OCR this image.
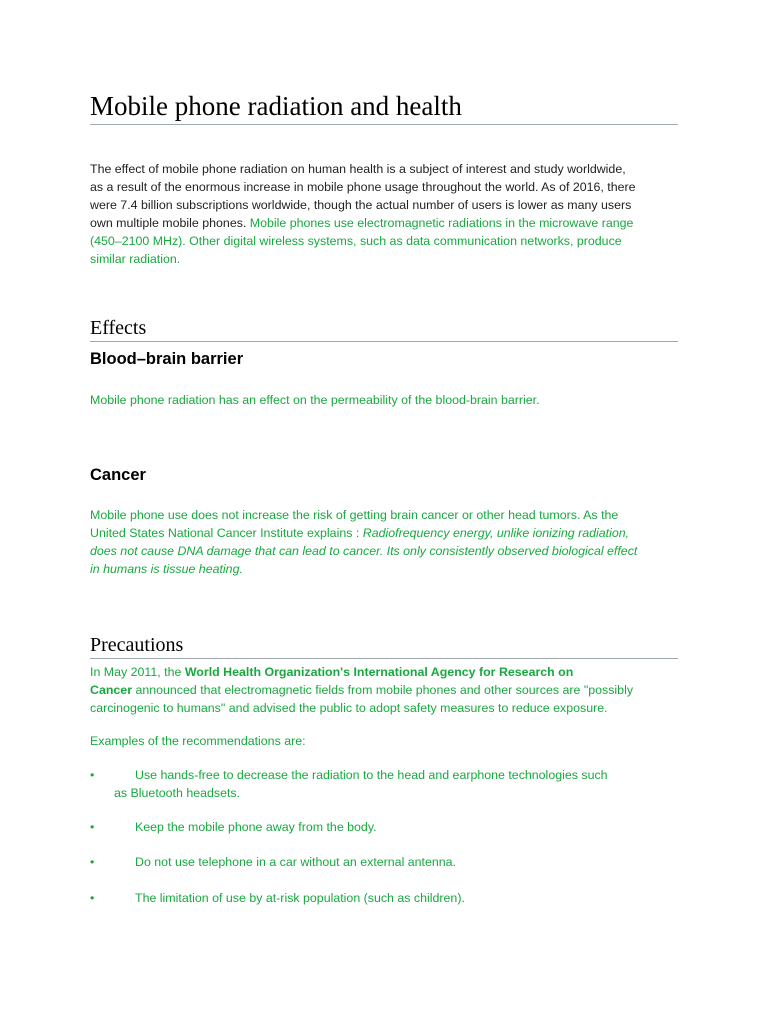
Mobile phone radiation and health
The effect of mobile phone radiation on human health is a subject of interest and study worldwide,
as a result of the enormous increase in mobile phone usage throughout the world. As of 2016, there
were 7.4 billion subscriptions worldwide, though the actual number of users is lower as many users
own multiple mobile phones. Mobile phones use electromagnetic radiations in the microwave range
(450–2100 MHz). Other digital wireless systems, such as data communication networks, produce
similar radiation.
Effects
Blood–brain barrier
Mobile phone radiation has an effect on the permeability of the blood-brain barrier.
Cancer
Mobile phone use does not increase the risk of getting brain cancer or other head tumors. As the
United States National Cancer Institute explains : Radiofrequency energy, unlike ionizing radiation,
does not cause DNA damage that can lead to cancer. Its only consistently observed biological effect
in humans is tissue heating.
Precautions
In May 2011, the World Health Organization's International Agency for Research on
Cancer announced that electromagnetic fields from mobile phones and other sources are "possibly
carcinogenic to humans" and advised the public to adopt safety measures to reduce exposure.
Examples of the recommendations are:
•	Use hands-free to decrease the radiation to the head and earphone technologies such
as Bluetooth headsets.
•	Keep the mobile phone away from the body.
•	Do not use telephone in a car without an external antenna.
•	The limitation of use by at-risk population (such as children).
